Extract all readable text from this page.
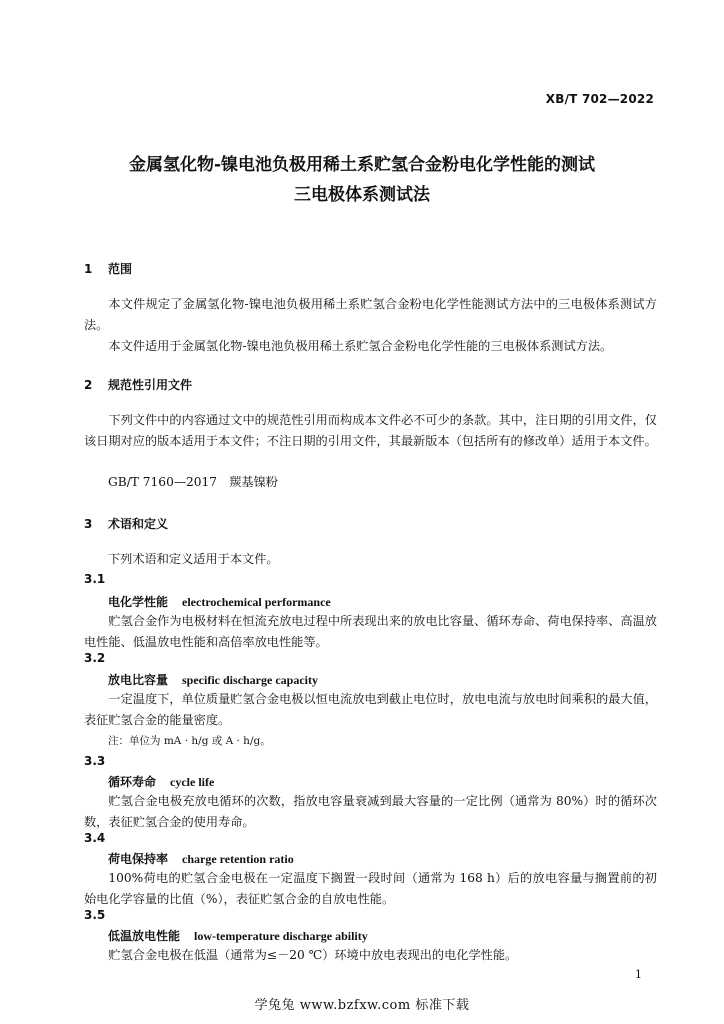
XB/T 702—2022
金属氢化物-镍电池负极用稀土系贮氢合金粉电化学性能的测试
三电极体系测试法
1 范围

本文件规定了金属氢化物-镍电池负极用稀土系贮氢合金粉电化学性能测试方法中的三电极体系测试方法。

本文件适用于金属氢化物-镍电池负极用稀土系贮氢合金粉电化学性能的三电极体系测试方法。

2 规范性引用文件

下列文件中的内容通过文中的规范性引用而构成本文件必不可少的条款。其中，注日期的引用文件，仅该日期对应的版本适用于本文件；不注日期的引用文件，其最新版本（包括所有的修改单）适用于本文件。

GB/T 7160—2017　羰基镍粉
3 术语和定义
下列术语和定义适用于本文件。
3.1
电化学性能 electrochemical performance

贮氢合金作为电极材料在恒流充放电过程中所表现出来的放电比容量、循环寿命、荷电保持率、高温放电性能、低温放电性能和高倍率放电性能等。

3.2
放电比容量 specific discharge capacity

一定温度下，单位质量贮氢合金电极以恒电流放电到截止电位时，放电电流与放电时间乘积的最大值，表征贮氢合金的能量密度。

注：单位为 mA · h/g 或 A · h/g。
3.3
循环寿命 cycle life

贮氢合金电极充放电循环的次数，指放电容量衰减到最大容量的一定比例（通常为 80%）时的循环次数，表征贮氢合金的使用寿命。

3.4
荷电保持率 charge retention ratio

100%荷电的贮氢合金电极在一定温度下搁置一段时间（通常为 168 h）后的放电容量与搁置前的初始电化学容量的比值（%），表征贮氢合金的自放电性能。

3.5
低温放电性能 low-temperature discharge ability

贮氢合金电极在低温（通常为≤－20 ℃）环境中放电表现出的电化学性能。

1
学兔兔 www.bzfxw.com 标准下载
